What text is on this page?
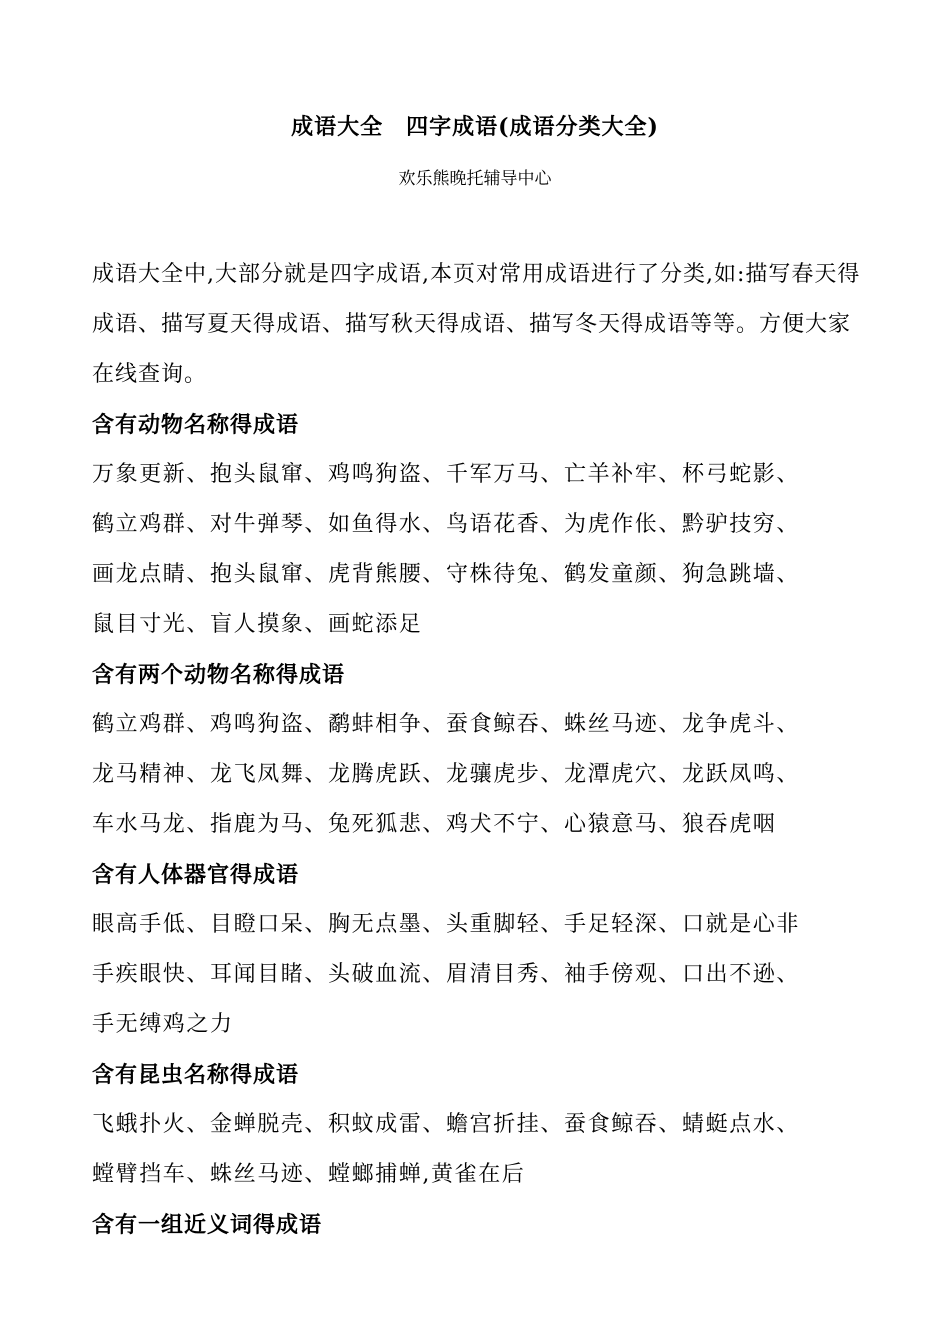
成语大全　四字成语(成语分类大全)
欢乐熊晚托辅导中心

成语大全中,大部分就是四字成语,本页对常用成语进行了分类,如:描写春天得成语、描写夏天得成语、描写秋天得成语、描写冬天得成语等等。方便大家在线查询。

含有动物名称得成语

万象更新、抱头鼠窜、鸡鸣狗盗、千军万马、亡羊补牢、杯弓蛇影、

鹤立鸡群、对牛弹琴、如鱼得水、鸟语花香、为虎作伥、黔驴技穷、

画龙点睛、抱头鼠窜、虎背熊腰、守株待兔、鹤发童颜、狗急跳墙、

鼠目寸光、盲人摸象、画蛇添足

含有两个动物名称得成语

鹤立鸡群、鸡鸣狗盗、鹬蚌相争、蚕食鲸吞、蛛丝马迹、龙争虎斗、

龙马精神、龙飞凤舞、龙腾虎跃、龙骧虎步、龙潭虎穴、龙跃凤鸣、

车水马龙、指鹿为马、兔死狐悲、鸡犬不宁、心猿意马、狼吞虎咽

含有人体器官得成语

眼高手低、目瞪口呆、胸无点墨、头重脚轻、手足轻深、口就是心非

手疾眼快、耳闻目睹、头破血流、眉清目秀、袖手傍观、口出不逊、

手无缚鸡之力

含有昆虫名称得成语

飞蛾扑火、金蝉脱壳、积蚊成雷、蟾宫折挂、蚕食鲸吞、蜻蜓点水、

螳臂挡车、蛛丝马迹、螳螂捕蝉,黄雀在后

含有一组近义词得成语
